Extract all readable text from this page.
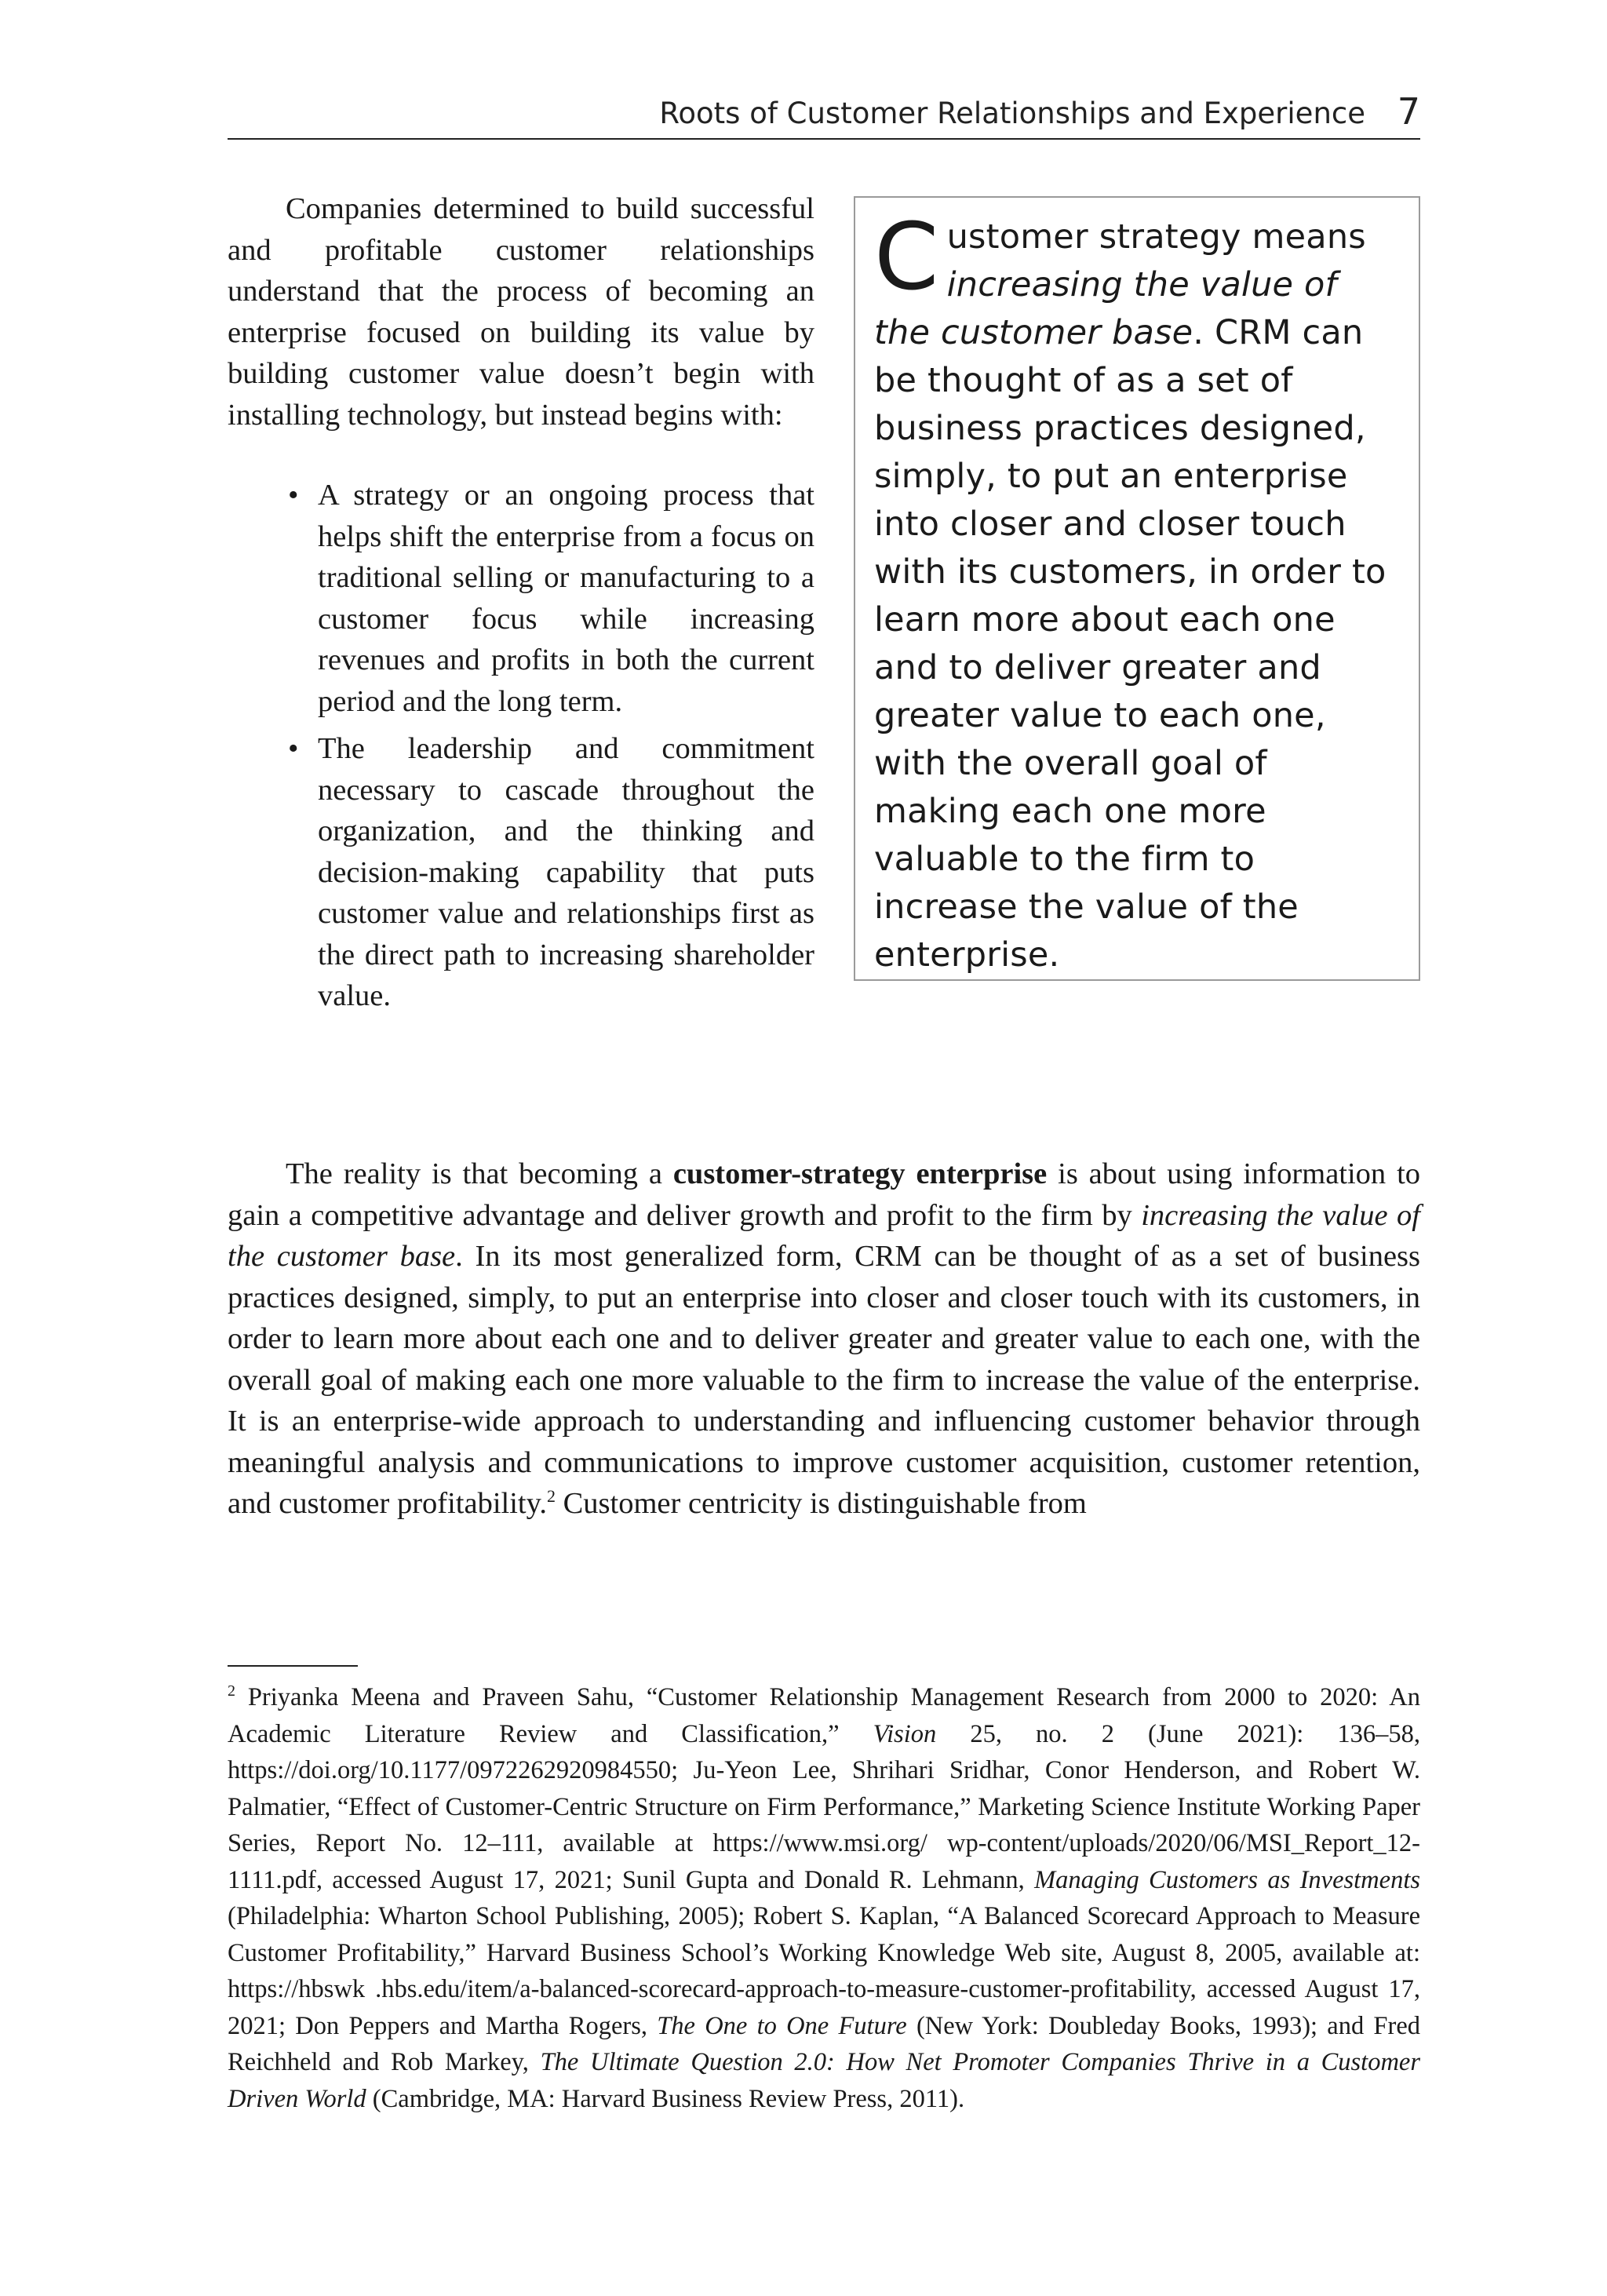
Roots of Customer Relationships and Experience 7

Companies determined to build successful and profitable customer relationships understand that the process of becoming an enterprise focused on building its value by building customer value doesn’t begin with installing technology, but instead begins with:

• A strategy or an ongoing process that helps shift the enterprise from a focus on traditional selling or manufacturing to a customer focus while increasing revenues and profits in both the current period and the long term.
• The leadership and commitment necessary to cascade throughout the organization, and the thinking and decision-making capability that puts customer value and relationships first as the direct path to increasing shareholder value.
Customer strategy means increasing the value of the customer base. CRM can be thought of as a set of business practices designed, simply, to put an enterprise into closer and closer touch with its customers, in order to learn more about each one and to deliver greater and greater value to each one, with the overall goal of making each one more valuable to the firm to increase the value of the enterprise.

The reality is that becoming a customer-strategy enterprise is about using information to gain a competitive advantage and deliver growth and profit to the firm by increasing the value of the customer base. In its most generalized form, CRM can be thought of as a set of business practices designed, simply, to put an enterprise into closer and closer touch with its customers, in order to learn more about each one and to deliver greater and greater value to each one, with the overall goal of making each one more valuable to the firm to increase the value of the enterprise. It is an enterprise-wide approach to understanding and influencing customer behavior through meaningful analysis and communications to improve customer acquisition, customer retention, and customer profitability.$^2$ Customer centricity is distinguishable from

$^2$ Priyanka Meena and Praveen Sahu, “Customer Relationship Management Research from 2000 to 2020: An Academic Literature Review and Classification,” Vision 25, no. 2 (June 2021): 136–58, https://doi.org/10.1177/0972262920984550; Ju-Yeon Lee, Shrihari Sridhar, Conor Henderson, and Robert W. Palmatier, “Effect of Customer-Centric Structure on Firm Performance,” Marketing Science Institute Working Paper Series, Report No. 12–111, available at https://www.msi.org/ wp-content/uploads/2020/06/MSI_Report_12-1111.pdf, accessed August 17, 2021; Sunil Gupta and Donald R. Lehmann, Managing Customers as Investments (Philadelphia: Wharton School Publishing, 2005); Robert S. Kaplan, “A Balanced Scorecard Approach to Measure Customer Profitability,” Harvard Business School’s Working Knowledge Web site, August 8, 2005, available at: https://hbswk .hbs.edu/item/a-balanced-scorecard-approach-to-measure-customer-profitability, accessed August 17, 2021; Don Peppers and Martha Rogers, The One to One Future (New York: Doubleday Books, 1993); and Fred Reichheld and Rob Markey, The Ultimate Question 2.0: How Net Promoter Companies Thrive in a Customer Driven World (Cambridge, MA: Harvard Business Review Press, 2011).
